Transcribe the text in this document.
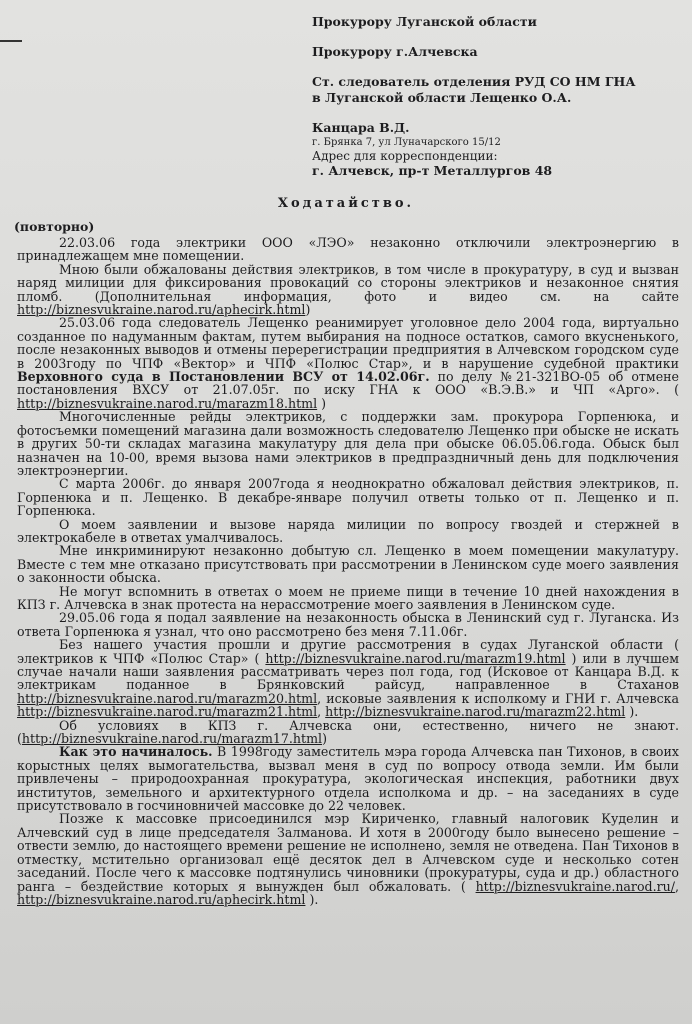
Прокурору Луганской области
Прокурору г.Алчевска
Ст. следователь отделения РУД СО НМ ГНА
в Луганской области Лещенко О.А.
Канцара В.Д.
г. Брянка 7, ул Луначарского 15/12
Адрес для корреспонденции:
г. Алчевск, пр-т Металлургов 48
Ходатайство.
(повторно)

22.03.06 года электрики ООО «ЛЭО» незаконно отключили электроэнергию в принадлежащем мне помещении.

Мною были обжалованы действия электриков, в том числе в прокуратуру, в суд и вызван наряд милиции для фиксирования провокаций со стороны электриков и незаконное снятия пломб. (Дополнительная информация, фото и видео см. на сайте http://biznesvukraine.narod.ru/aphecirk.html)

25.03.06 года следователь Лещенко реанимирует уголовное дело 2004 года, виртуально созданное по надуманным фактам, путем выбирания на подносе остатков, самого вкусненького, после незаконных выводов и отмены перерегистрации предприятия в Алчевском городском суде в 2003году по ЧПФ «Вектор» и ЧПФ «Полюс Стар», и в нарушение судебной практики Верховного суда в Постановлении ВСУ от 14.02.06г. по делу №21-321ВО-05 об отмене постановления ВХСУ от 21.07.05г. по иску ГНА к ООО «В.Э.В.» и ЧП «Арго». ( http://biznesvukraine.narod.ru/marazm18.html )

Многочисленные рейды электриков, с поддержки зам. прокурора Горпенюка, и фотосъемки помещений магазина дали возможность следователю Лещенко при обыске не искать в других 50-ти складах магазина макулатуру для дела при обыске 06.05.06.года. Обыск был назначен на 10-00, время вызова нами электриков в предпраздничный день для подключения электроэнергии.

С марта 2006г. до января 2007года я неоднократно обжаловал действия электриков, п. Горпенюка и п. Лещенко. В декабре-январе получил ответы только от п. Лещенко и п. Горпенюка.

О моем заявлении и вызове наряда милиции по вопросу гвоздей и стержней в электрокабеле в ответах умалчивалось.

Мне инкриминируют незаконно добытую сл. Лещенко в моем помещении макулатуру. Вместе с тем мне отказано присутствовать при рассмотрении в Ленинском суде моего заявления о законности обыска.

Не могут вспомнить в ответах о моем не приеме пищи в течение 10 дней нахождения в КПЗ г. Алчевска в знак протеста на нерассмотрение моего заявления в Ленинском суде.

29.05.06 года я подал заявление на незаконность обыска в Ленинский суд г. Луганска. Из ответа Горпенюка я узнал, что оно рассмотрено без меня 7.11.06г.

Без нашего участия прошли и другие рассмотрения в судах Луганской области ( электриков к ЧПФ «Полюс Стар» ( http://biznesvukraine.narod.ru/marazm19.html ) или в лучшем случае начали наши заявления рассматривать через пол года, год (Исковое от Канцара В.Д. к электрикам поданное в Брянковский райсуд, направленное в Стаханов http://biznesvukraine.narod.ru/marazm20.html, исковые заявления к исполкому и ГНИ г. Алчевска http://biznesvukraine.narod.ru/marazm21.html, http://biznesvukraine.narod.ru/marazm22.html ).

Об условиях в КПЗ г. Алчевска они, естественно, ничего не знают. (http://biznesvukraine.narod.ru/marazm17.html)

Как это начиналось. В 1998году заместитель мэра города Алчевска пан Тихонов, в своих корыстных целях вымогательства, вызвал меня в суд по вопросу отвода земли. Им были привлечены – природоохранная прокуратура, экологическая инспекция, работники двух институтов, земельного и архитектурного отдела исполкома и др. – на заседаниях в суде присутствовало в госчиновничей массовке до 22 человек.

Позже к массовке присоединился мэр Кириченко, главный налоговик Куделин и Алчевский суд в лице председателя Залманова. И хотя в 2000году было вынесено решение – отвести землю, до настоящего времени решение не исполнено, земля не отведена. Пан Тихонов в отместку, мстительно организовал ещё десяток дел в Алчевском суде и несколько сотен заседаний. После чего к массовке подтянулись чиновники (прокуратуры, суда и др.) областного ранга – бездействие которых я вынужден был обжаловать. ( http://biznesvukraine.narod.ru/, http://biznesvukraine.narod.ru/aphecirk.html ).
